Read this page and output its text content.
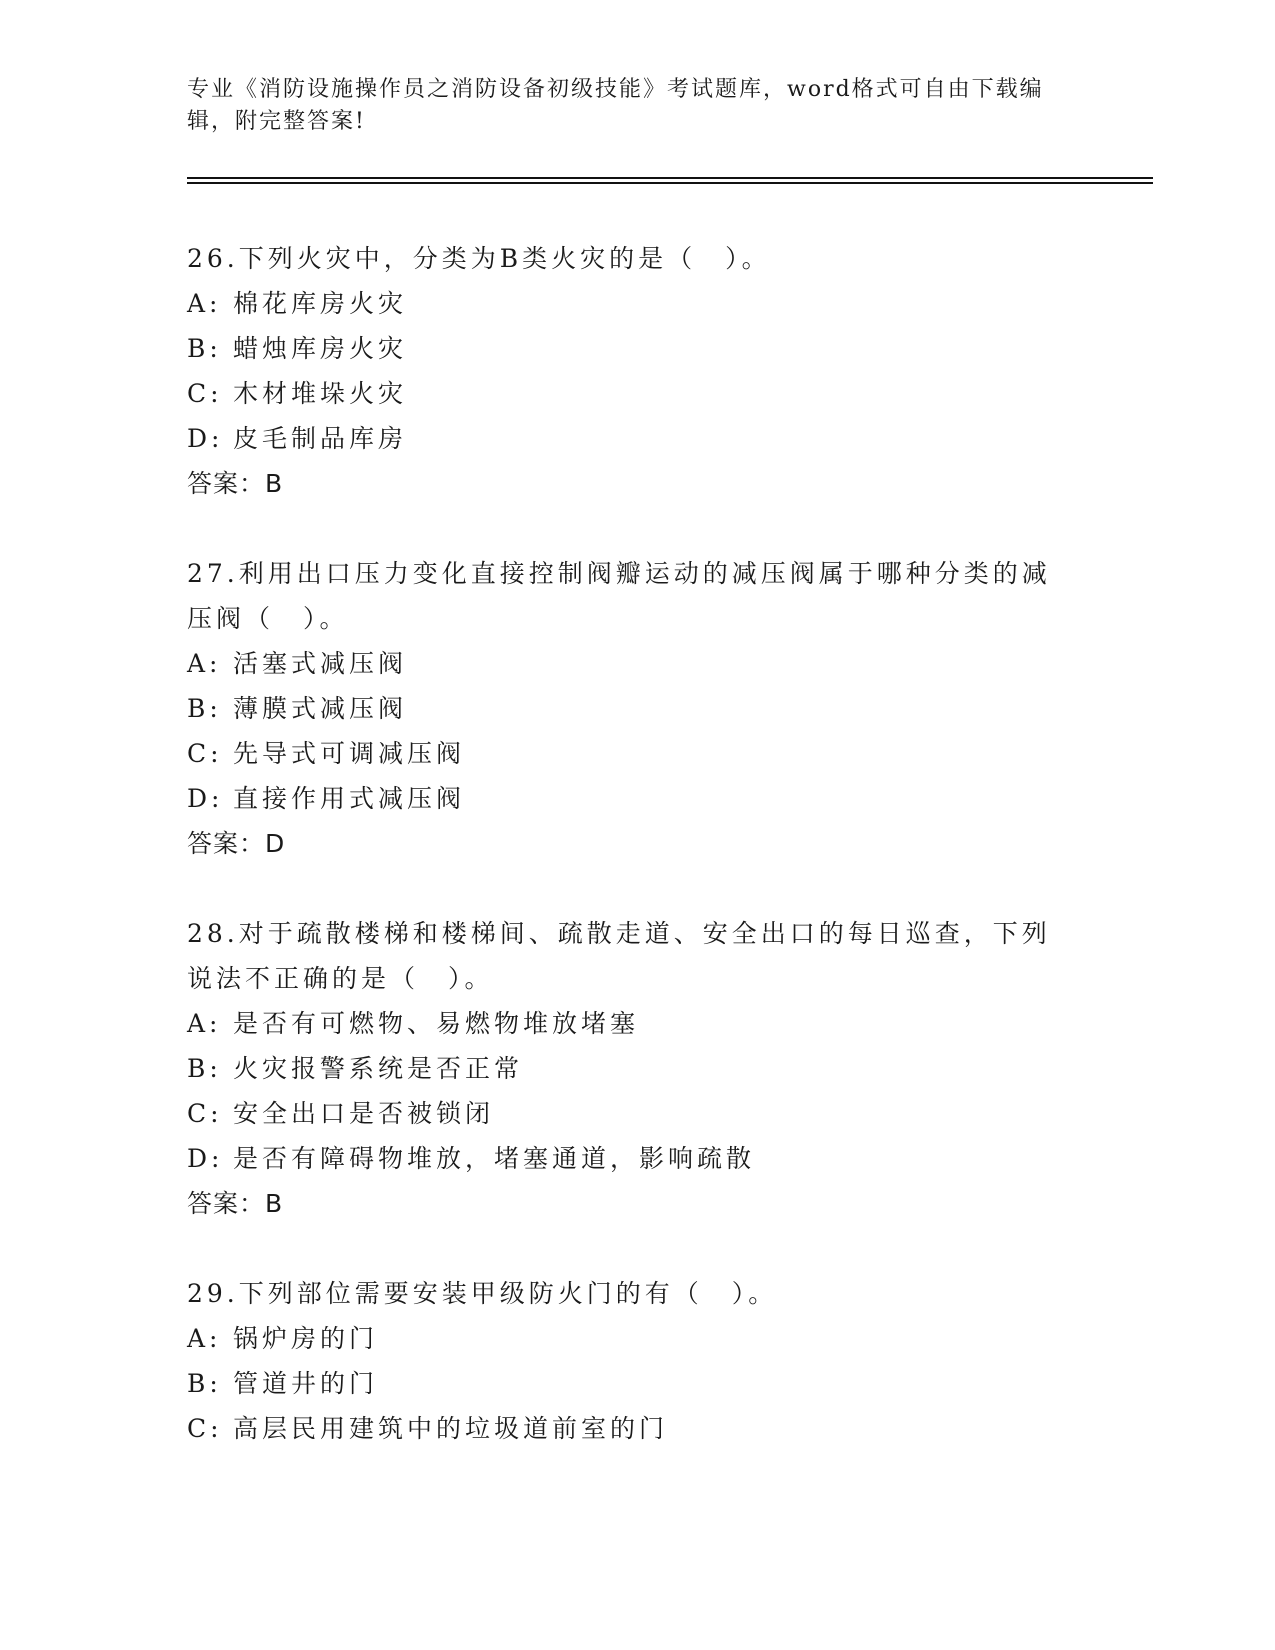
专业《消防设施操作员之消防设备初级技能》考试题库，word格式可自由下载编辑，附完整答案!
26.下列火灾中，分类为B类火灾的是（　）。
A: 棉花库房火灾
B: 蜡烛库房火灾
C: 木材堆垛火灾
D: 皮毛制品库房
答案：B
27.利用出口压力变化直接控制阀瓣运动的减压阀属于哪种分类的减压阀（　）。
A: 活塞式减压阀
B: 薄膜式减压阀
C: 先导式可调减压阀
D: 直接作用式减压阀
答案：D
28.对于疏散楼梯和楼梯间、疏散走道、安全出口的每日巡查，下列说法不正确的是（　）。
A: 是否有可燃物、易燃物堆放堵塞
B: 火灾报警系统是否正常
C: 安全出口是否被锁闭
D: 是否有障碍物堆放，堵塞通道，影响疏散
答案：B
29.下列部位需要安装甲级防火门的有（　）。
A: 锅炉房的门
B: 管道井的门
C: 高层民用建筑中的垃圾道前室的门
